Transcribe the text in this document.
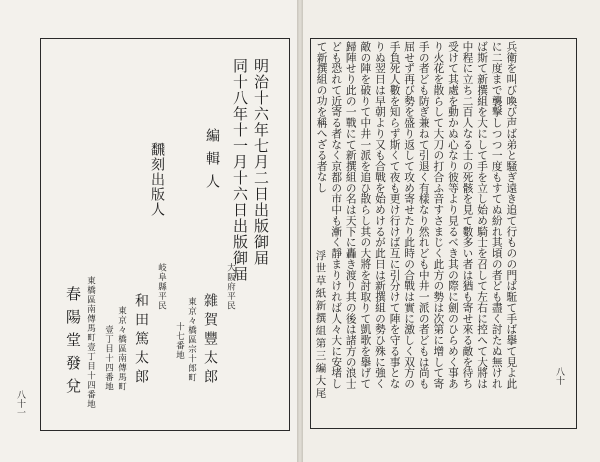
明治十六年七月二日出版御届
同十八年十一月十六日出版御届
編輯人
飜刻出版人
大阪府平民
雜賀豐太郎
東京々橋區宗十郎町
十七番地
岐阜縣平民
和田篤太郎
東京々橋區南傳馬町
壹丁目十四番地
東橋區南傳馬町壹丁目十四番地
春陽堂發兌
八十一

兵衛を叫び喚び声ば弟と騒ぎ遠き追て行ものの門ば駈て手ば擧て見よ此に二度まで襲撃しつつ一度もすてぬ紛れ其頃の者ども盡く討たぬ無ければ斯て新撰組を大にして手を立し始め騎士を召して左右に控へて大將は中程に立ち二百人なる士の死骸を見て數多い者は猶も寄せ來る敵を待ち受けて其處を動かぬ心なり彼等より見るべき其の際に劍のひらめく事あり火花を散らして大刀の打合ふ音すさまじく此方の勢は次第に增して寄手の者ども防ぎ兼ねて引退く有樣なり然れども中井一派の者どもは尚も屈せず再び勢を盛り返して攻め寄せたり此時の合戰は實に激しく双方の手負死人數を知らず斯くて夜も更け行けば互に引分けて陣を守る事となりぬ翌日は早朝より又も合戰を始めけるが此日は新撰組の勢ひ殊に強く敵の陣を破りて中井一派を追ひ散らし其の大將を討取りて凱歌を擧げて歸陣せり此の一戰にて新撰組の名は天下に轟き渡り其の後は諸方の浪士ども恐れて近寄る者なく京都の市中も漸く靜まりければ人々大に安堵して新撰組の功を稱へざる者なし

浮世草紙新撰組第三編大尾	八十
